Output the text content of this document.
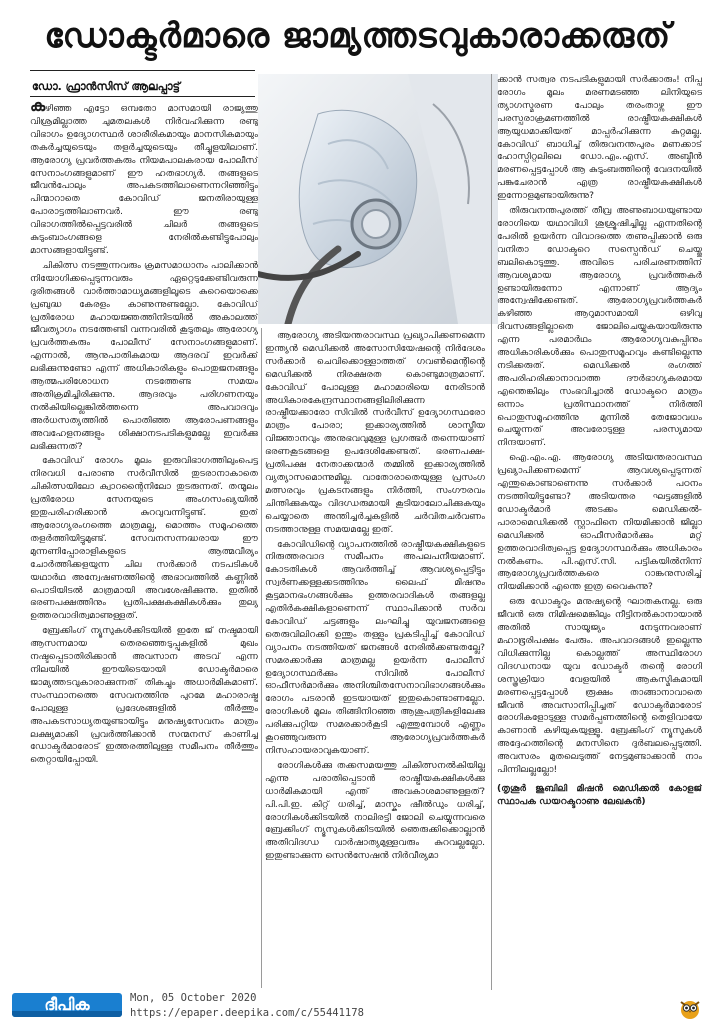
ഡോക്ടർമാരെ ജാമ്യത്തടവുകാരാക്കരുത്
ഡോ. ഫ്രാൻസിസ് ആലപ്പാട്ട്

കഴിഞ്ഞ എട്ടോ ഒമ്പതോ മാസമായി രാജ്യത്തു വിശ്രമില്ലാത്ത ചുമതലകൾ നിർവഹിക്കുന്ന രണ്ടു വിഭാഗം ഉദ്യോഗസ്ഥർ ശാരീരികമായും മാനസികമായും തകർച്ചയുടെയും തളർച്ചയുടെയും തീച്ചൂളയിലാണ്. ആരോഗ്യ പ്രവർത്തകരും നിയമപാലകരായ പോലീസ് സേനാംഗങ്ങളുമാണ് ഈ ഹതഭാഗ്യർ. തങ്ങളുടെ ജീവൻപോലും അപകടത്തിലാണെന്നറിഞ്ഞിട്ടും പിന്മാറാതെ കോവിഡ് ജനതിരായുള്ള പോരാട്ടത്തിലാണവർ. ഈ രണ്ടു വിഭാഗത്തിൽപ്പെട്ടവരിൽ ചിലർ തങ്ങളുടെ കുടുംബാംഗങ്ങളെ നേരിൽകണ്ടിട്ടുപോലും മാസങ്ങളായിട്ടുണ്ട്.

ചികിത്സ നടത്തുന്നവരും ക്രമസമാധാനം പാലിക്കാൻ നിയോഗിക്കപ്പെടുന്നവരും ഏറ്റെടുക്കേണ്ടിവരുന്ന ദുരിതങ്ങൾ വാർത്താമാധ്യമങ്ങളിലൂടെ കുറെയൊക്കെ പ്രബുദ്ധ കേരളം കാണുന്നുണ്ടല്ലോ. കോവിഡ് പ്രതിരോധ മഹായജ്ഞത്തിനിടയിൽ അകാലത്ത് ജീവത്യാഗം നടത്തേണ്ടി വന്നവരിൽ കൂടുതലും ആരോഗ്യ പ്രവർത്തകരും പോലീസ് സേനാംഗങ്ങളുമാണ്. എന്നാൽ, ആനുപാതികമായ ആദരവ് ഇവർക്ക് ലഭിക്കുന്നുണ്ടോ എന്ന് അധികാരികളും പൊതുജനങ്ങളും ആത്മപരിശോധന നടത്തേണ്ട സമയം അതിക്രമിച്ചിരിക്കുന്നു. ആദരവും പരിഗണനയും നൽകിയില്ലെങ്കിൽത്തന്നെ അപവാദവും അർധസത്യത്തിൽ പൊതിഞ്ഞ ആരോപണങ്ങളും അവഹേളനങ്ങളും ശിക്ഷാനടപടികളുമല്ലേ ഇവർക്കു ലഭിക്കുന്നത്?

കോവിഡ് രോഗം മൂലം ഇരുവിഭാഗത്തിലുംപെട്ട നിരവധി പേരാണു സർവീസിൽ തുടരാനാകാതെ ചികിത്സയിലോ ക്വാറന്റൈനിലോ തുടരുന്നത്. തന്മൂലം പ്രതിരോധ സേനയുടെ അംഗസംഖ്യയിൽ ഇതുപരിഹരിക്കാൻ കുറവുവന്നിട്ടുണ്ട്. ഇത് ആരോഗ്യരംഗത്തെ മാത്രമല്ല, മൊത്തം സമൂഹത്തെ തളർത്തിയിട്ടുമുണ്ട്. സേവനസന്നദ്ധരായ ഈ മുന്നണിപ്പോരാളികളുടെ ആത്മവീര്യം ചോർത്തിക്കളയുന്ന ചില സർക്കാർ നടപടികൾ യഥാർഥ അന്വേഷണത്തിന്റെ അഭാവത്തിൽ കണ്ണിൽ പൊടിയിടൽ മാത്രമായി അവശേഷിക്കുന്നു. ഇതിൽ ഭരണപക്ഷത്തിനും പ്രതിപക്ഷകക്ഷികൾക്കും തുല്യ ഉത്തരവാദിത്വമാണുള്ളത്.

ബ്രേക്കിംഗ് ന്യൂസുകൾക്കിടയിൽ ഇതേ ജ് നഷ്ടമായി ആസന്നമായ തെരഞ്ഞെടുപ്പുകളിൽ മുഖം നഷ്ടപ്പെടാതിരിക്കാൻ അവസാന അടവ് എന്ന നിലയിൽ ഈയിടെയായി ഡോക്ടർമാരെ ജാമ്യത്തടവുകാരാക്കുന്നത് തികച്ചും അധാർമികമാണ്. സംസ്ഥാനത്തെ സേവനത്തിനു പുറമേ മഹാരാഷ്ട്ര പോലുള്ള പ്രദേശങ്ങളിൽ തീർത്തും അപകടസാധ്യതയുണ്ടായിട്ടും മനുഷ്യസേവനം മാത്രം ലക്ഷ്യമാക്കി പ്രവർത്തിക്കാൻ സന്മനസ് കാണിച്ച ഡോക്ടർമാരോട് ഇത്തരത്തിലുള്ള സമീപനം തീർത്തും തെറ്റായിപ്പോയി.

ആരോഗ്യ അടിയന്തരാവസ്ഥ പ്രഖ്യാപിക്കണമെന്ന ഇന്ത്യൻ മെഡിക്കൽ അസോസിയേഷന്റെ നിർദേശം സർക്കാർ ചെവിക്കൊള്ളാത്തത് ഗവൺമെന്റിന്റെ മെഡിക്കൽ നിരക്ഷരത കൊണ്ടുമാത്രമാണ്. കോവിഡ് പോലുള്ള മഹാമാരിയെ നേരിടാൻ അധികാരകേന്ദ്രസ്ഥാനങ്ങളിലിരിക്കുന്ന രാഷ്ട്രീയക്കാരോ സിവിൽ സർവീസ് ഉദ്യോഗസ്ഥരോ മാത്രം പോരാ; ഇക്കാര്യത്തിൽ ശാസ്ത്രീയ വിജ്ഞാനവും അനുഭവവുമുള്ള പ്രഗത്ഭർ തന്നെയാണ് ഭരണകൂടങ്ങളെ ഉപദേശിക്കേണ്ടത്. ഭരണപക്ഷ- പ്രതിപക്ഷ നേതാക്കന്മാർ തമ്മിൽ ഇക്കാര്യത്തിൽ വ്യത്യാസമൊന്നുമില്ല. വാതോരാതെയുള്ള പ്രസംഗ മത്സരവും പ്രകടനങ്ങളും നിർത്തി, സംഗൗരവം ചിന്തിക്കുകയും വിദഗ്ധരുമായി കൂടിയാലോചിക്കുകയും ചെയ്യാതെ അന്തിച്ചർച്ചകളിൽ ചർവിതചർവണം നടത്താനുള്ള സമയമല്ലേ ഇത്.

കോവിഡിന്റെ വ്യാപനത്തിൽ രാഷ്ട്രീയകക്ഷികളുടെ നിരുത്തരവാദ സമീപനം അപലപനീയമാണ്. കോടതികൾ ആവർത്തിച്ച് ആവശ്യപ്പെട്ടിട്ടും സ്വർണക്കള്ളക്കടത്തിനും ലൈഫ് മിഷനും കൂട്ടമാനഭംഗങ്ങൾക്കും ഉത്തരവാദികൾ തങ്ങളല്ല എതിർകക്ഷികളാണെന്ന് സ്ഥാപിക്കാൻ സർവ കോവിഡ് ചട്ടങ്ങളും ലംഘിച്ചു യുവജനങ്ങളെ തെരുവിലിറക്കി ഉന്തും തള്ളും പ്രകടിപ്പിച്ച് കോവിഡ് വ്യാപനം നടത്തിയത് ജനങ്ങൾ നേരിൽക്കണ്ടതല്ലേ? സമരക്കാർക്കു മാത്രമല്ല ഉയർന്ന പോലീസ് ഉദ്യോഗസ്ഥർക്കും സിവിൽ പോലീസ് ഓഫീസർമാർക്കും അനിശ്ചിതസേനാവിഭാഗങ്ങൾക്കും രോഗം പടരാൻ ഇടയായത് ഇതുകൊണ്ടാണല്ലോ. രോഗികൾ മൂലം തിങ്ങിനിറഞ്ഞ ആശുപത്രികളിലേക്കു പരിക്കുപറ്റിയ സമരക്കാർകൂടി എത്തുമ്പോൾ എണ്ണം കൂറഞ്ഞുവരുന്ന ആരോഗ്യപ്രവർത്തകർ നിസഹായരാവുകയാണ്.

രോഗികൾക്കു തക്കസമയത്തു ചികിത്സനൽകിയില്ല എന്നു പരാതിപ്പെടാൻ രാഷ്ട്രീയകക്ഷികൾക്കു ധാർമികമായി എന്ത് അവകാശമാണുള്ളത്? പി.പി.ഇ. കിറ്റ് ധരിച്ച്, മാസ്കും ഷീൽഡും ധരിച്ച്, രോഗികൾക്കിടയിൽ നാലിരട്ടി ജോലി ചെയ്യുന്നവരെ ബ്രേക്കിംഗ് ന്യൂസുകൾക്കിടയിൽ ഞെരുക്കിക്കൊല്ലാൻ അതിവിദഗ്ധ വാർഷാത്യമുള്ളവരും കുറവല്ലല്ലോ. ഇതുണ്ടാക്കുന്ന സെൻസേഷൻ നിർവീര്യമാ

ക്കാൻ സത്വര നടപടികളുമായി സർക്കാരും! നിപ്പ രോഗം മൂലം മരണമടഞ്ഞ ലിനിയുടെ ത്യാഗസ്മരണ പോലും തരംതാഴ്ന്ന ഈ പരസ്പരാക്രമണത്തിൽ രാഷ്ട്രീയകക്ഷികൾ ആയുധമാക്കിയത് മാപ്പർഹിക്കുന്ന കുറ്റമല്ല. കോവിഡ് ബാധിച്ച് തിരുവനന്തപുരം മണക്കാട് ഹോസ്പിറ്റലിലെ ഡോ.എം.എസ്. അബ്ദീൻ മരണപ്പെട്ടപ്പോൾ ആ കുടുംബത്തിന്റെ വേദനയിൽ പങ്കുചേരാൻ എത്ര രാഷ്ട്രീയകക്ഷികൾ ഇന്നോളമുണ്ടായിരുന്നു?

തിരുവനന്തപുരത്ത് തീവ്ര അണുബാധയുണ്ടായ രോഗിയെ യഥാവിധി ശുശ്രൂഷിച്ചില്ല എന്നതിന്റെ പേരിൽ ഉയർന്ന വിവാദത്തെ തണുപ്പിക്കാൻ ഒരു വനിതാ ഡോക്ടറെ സസ്പെൻഡ് ചെയ്തു ബലികൊടുത്തു. അവിടെ പരിചരണത്തിന് ആവശ്യമായ ആരോഗ്യ പ്രവർത്തകർ ഉണ്ടായിരുന്നോ എന്നാണ് ആദ്യം അന്വേഷിക്കേണ്ടത്. ആരോഗ്യപ്രവർത്തകർ കഴിഞ്ഞ ആറുമാസമായി ഒഴിവു ദിവസങ്ങളില്ലാതെ ജോലിചെയ്യുകയായിരുന്നു എന്ന പരമാർഥം ആരോഗ്യവകുപ്പിനും അധികാരികൾക്കും പൊതുസമൂഹവും കണ്ടില്ലെന്നു നടിക്കരുത്. മെഡിക്കൽ രംഗത്ത് അപരിഹരിക്കാനാവാത്ത ദൗർഭാഗ്യകരമായ എന്തെങ്കിലും സംഭവിച്ചാൽ ഡോക്ടറെ മാത്രം ഒന്നാം പ്രതിസ്ഥാനത്ത് നിർത്തി പൊതുസമൂഹത്തിനു മുന്നിൽ തേജോവധം ചെയ്യുന്നത് അവരോടുള്ള പരസ്യമായ നിന്ദയാണ്.

ഐ.എം.എ. ആരോഗ്യ അടിയന്തരാവസ്ഥ പ്രഖ്യാപിക്കണമെന്ന് ആവശ്യപ്പെടുന്നത് എന്തുകൊണ്ടാണെന്നു സർക്കാർ പഠനം നടത്തിയിട്ടുണ്ടോ? അടിയന്തര ഘട്ടങ്ങളിൽ ഡോക്ടർമാർ അടക്കം മെഡിക്കൽ- പാരാമെഡിക്കൽ സ്റ്റാഫിനെ നിയമിക്കാൻ ജില്ലാ മെഡിക്കൽ ഓഫീസർമാർക്കും മറ്റ് ഉത്തരവാദിത്വപ്പെട്ട ഉദ്യോഗസ്ഥർക്കും അധികാരം നൽകണം. പി.എസ്.സി. പട്ടികയിൽനിന്ന് ആരോഗ്യപ്രവർത്തകരെ റാങ്കനുസരിച്ച് നിയമിക്കാൻ എന്തെ ഇത്ര വൈകുന്നു?

ഒരു ഡോക്ടറും മനുഷ്യന്റെ ഘാതകനല്ല. ഒരു ജീവൻ ഒരു നിമിഷമെങ്കിലും നീട്ടിനൽകാനായാൽ അതിൽ സായൂജ്യം നേടുന്നവരാണ് മഹാഭൂരിപക്ഷം പേരും. അപവാദങ്ങൾ ഇല്ലെന്നു വിധിക്കുന്നില്ല കൊല്ലത്ത് അസ്ഥിരോഗ വിദഗ്ധനായ യുവ ഡോക്ടർ തന്റെ രോഗി ശസ്ത്രക്രിയാ വേളയിൽ ആകസ്മികമായി മരണപ്പെട്ടപ്പോൾ രൂക്ഷം താങ്ങാനാവാതെ ജീവൻ അവസാനിപ്പിച്ചത് ഡോക്ടർമാരോട് രോഗികളോടുള്ള സമർപ്പണത്തിന്റെ തെളിവായേ കാണാൻ കഴിയുകയുള്ളൂ. ബ്രേക്കിംഗ് ന്യൂസുകൾ അദ്ദേഹത്തിന്റെ മനസിനെ ദുർബലപ്പെടുത്തി. അവസരം മുതലെടുത്ത് നേട്ടമുണ്ടാക്കാൻ നാം പിന്നിലല്ലല്ലോ!

(തൃശൂർ ജൂബിലി മിഷൻ മെഡിക്കൽ കോളജ് സ്ഥാപക ഡയറക്ടറാണു ലേഖകൻ)

ദീപിക	Mon, 05 October 2020
https://epaper.deepika.com/c/55441178
